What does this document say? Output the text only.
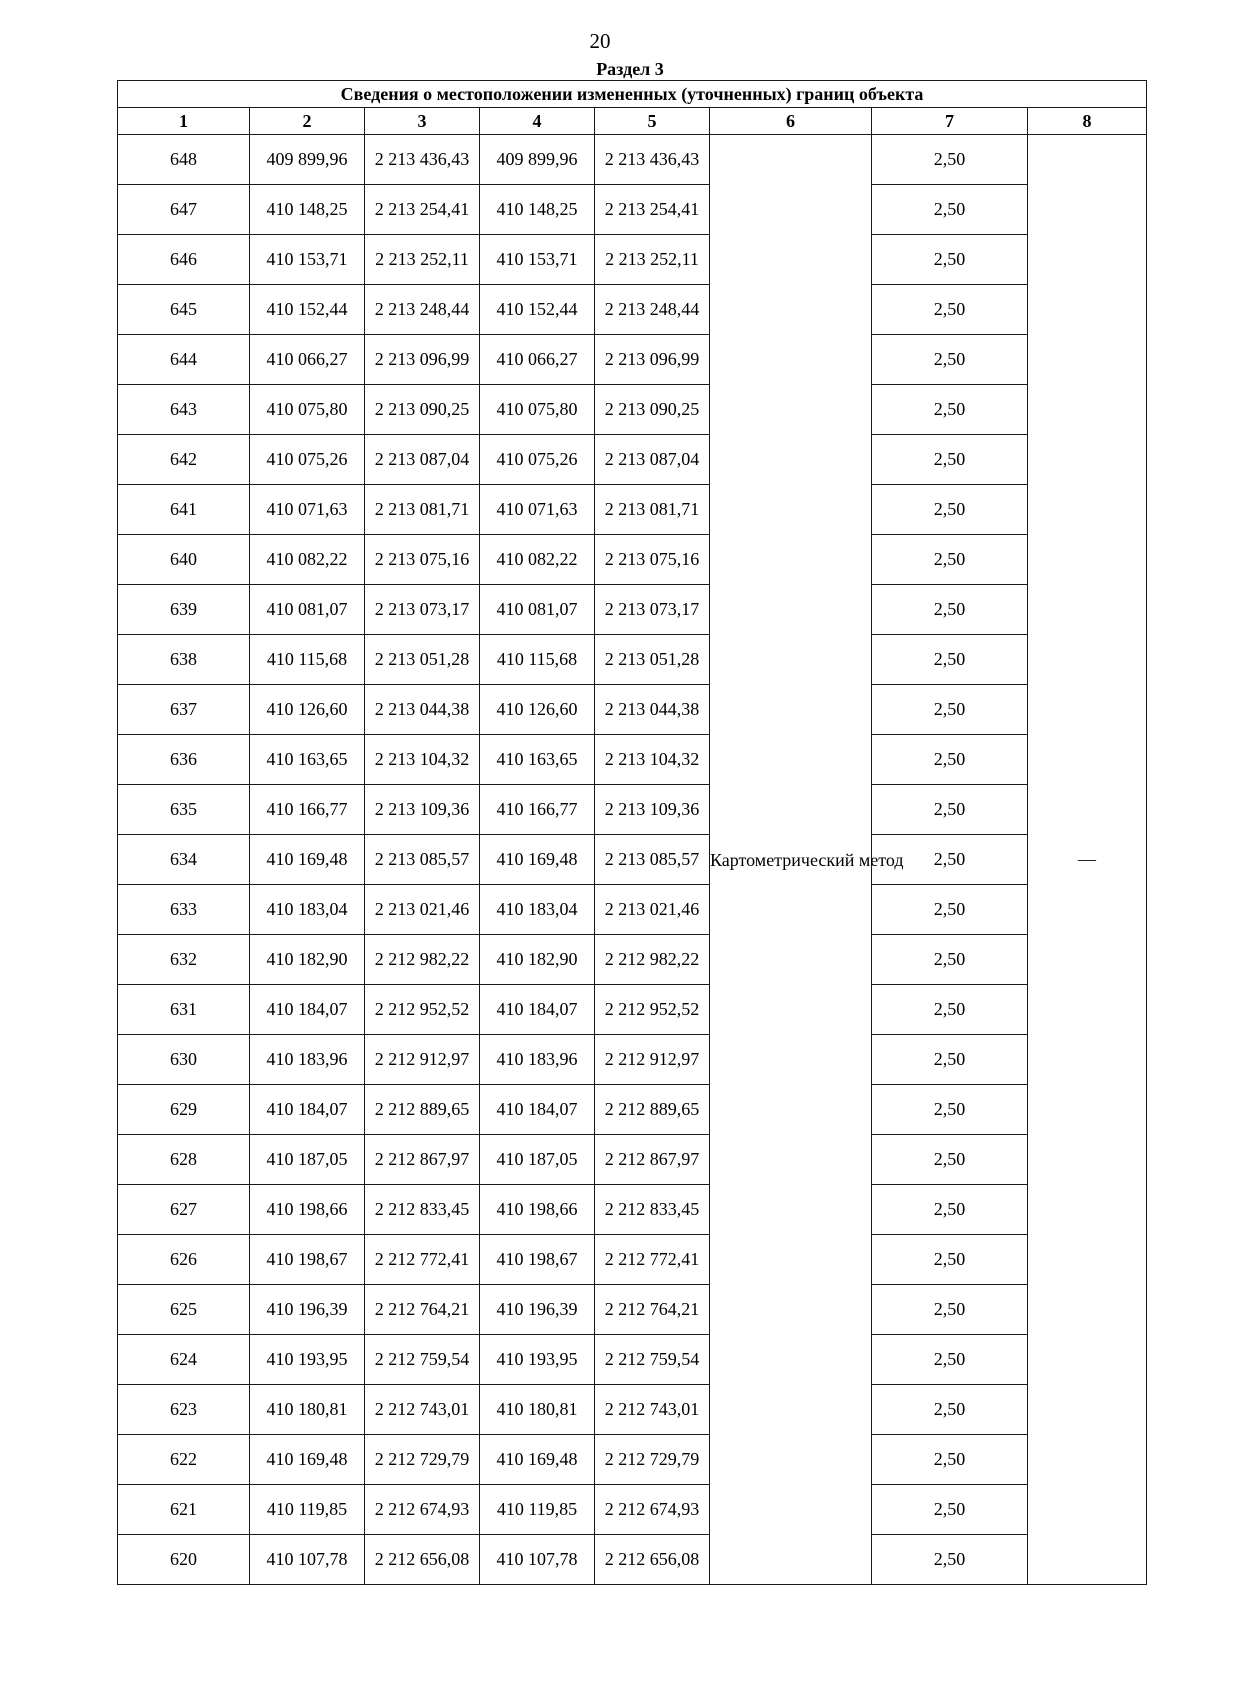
20
Раздел 3
Сведения о местоположении измененных (уточненных) границ объекта							
1	2	3	4	5	6	7	8
648	409 899,96	2 213 436,43	409 899,96	2 213 436,43	Картометрический метод	2,50	—
647	410 148,25	2 213 254,41	410 148,25	2 213 254,41		2,50	
646	410 153,71	2 213 252,11	410 153,71	2 213 252,11		2,50	
645	410 152,44	2 213 248,44	410 152,44	2 213 248,44		2,50	
644	410 066,27	2 213 096,99	410 066,27	2 213 096,99		2,50	
643	410 075,80	2 213 090,25	410 075,80	2 213 090,25		2,50	
642	410 075,26	2 213 087,04	410 075,26	2 213 087,04		2,50	
641	410 071,63	2 213 081,71	410 071,63	2 213 081,71		2,50	
640	410 082,22	2 213 075,16	410 082,22	2 213 075,16		2,50	
639	410 081,07	2 213 073,17	410 081,07	2 213 073,17		2,50	
638	410 115,68	2 213 051,28	410 115,68	2 213 051,28		2,50	
637	410 126,60	2 213 044,38	410 126,60	2 213 044,38		2,50	
636	410 163,65	2 213 104,32	410 163,65	2 213 104,32		2,50	
635	410 166,77	2 213 109,36	410 166,77	2 213 109,36		2,50	
634	410 169,48	2 213 085,57	410 169,48	2 213 085,57		2,50	
633	410 183,04	2 213 021,46	410 183,04	2 213 021,46		2,50	
632	410 182,90	2 212 982,22	410 182,90	2 212 982,22		2,50	
631	410 184,07	2 212 952,52	410 184,07	2 212 952,52		2,50	
630	410 183,96	2 212 912,97	410 183,96	2 212 912,97		2,50	
629	410 184,07	2 212 889,65	410 184,07	2 212 889,65		2,50	
628	410 187,05	2 212 867,97	410 187,05	2 212 867,97		2,50	
627	410 198,66	2 212 833,45	410 198,66	2 212 833,45		2,50	
626	410 198,67	2 212 772,41	410 198,67	2 212 772,41		2,50	
625	410 196,39	2 212 764,21	410 196,39	2 212 764,21		2,50	
624	410 193,95	2 212 759,54	410 193,95	2 212 759,54		2,50	
623	410 180,81	2 212 743,01	410 180,81	2 212 743,01		2,50	
622	410 169,48	2 212 729,79	410 169,48	2 212 729,79		2,50	
621	410 119,85	2 212 674,93	410 119,85	2 212 674,93		2,50	
620	410 107,78	2 212 656,08	410 107,78	2 212 656,08		2,50	
